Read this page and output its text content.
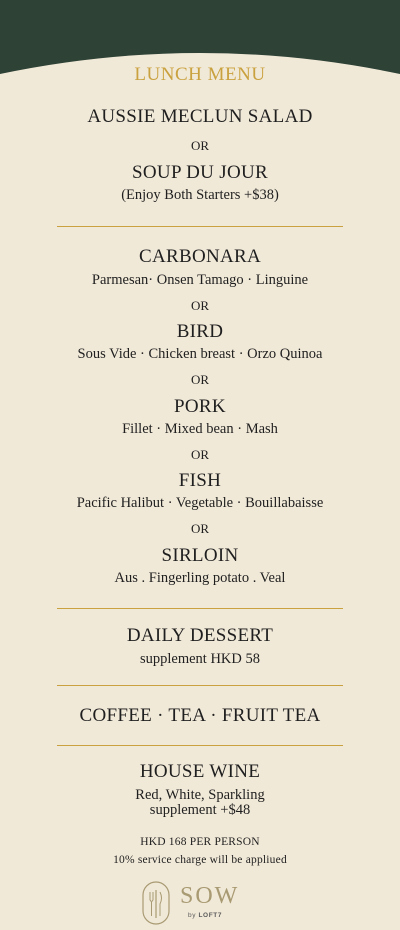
LUNCH MENU
AUSSIE MECLUN SALAD
OR
SOUP DU JOUR
(Enjoy Both Starters +$38)
CARBONARA
Parmesan· Onsen Tamago · Linguine
OR
BIRD
Sous Vide · Chicken breast · Orzo Quinoa
OR
PORK
Fillet · Mixed bean · Mash
OR
FISH
Pacific Halibut · Vegetable · Bouillabaisse
OR
SIRLOIN
Aus . Fingerling potato . Veal
DAILY DESSERT
supplement HKD 58
COFFEE · TEA · FRUIT TEA
HOUSE WINE
Red, White, Sparkling
supplement +$48
HKD 168 PER PERSON
10% service charge will be appliued
SOW
by LOFT7
